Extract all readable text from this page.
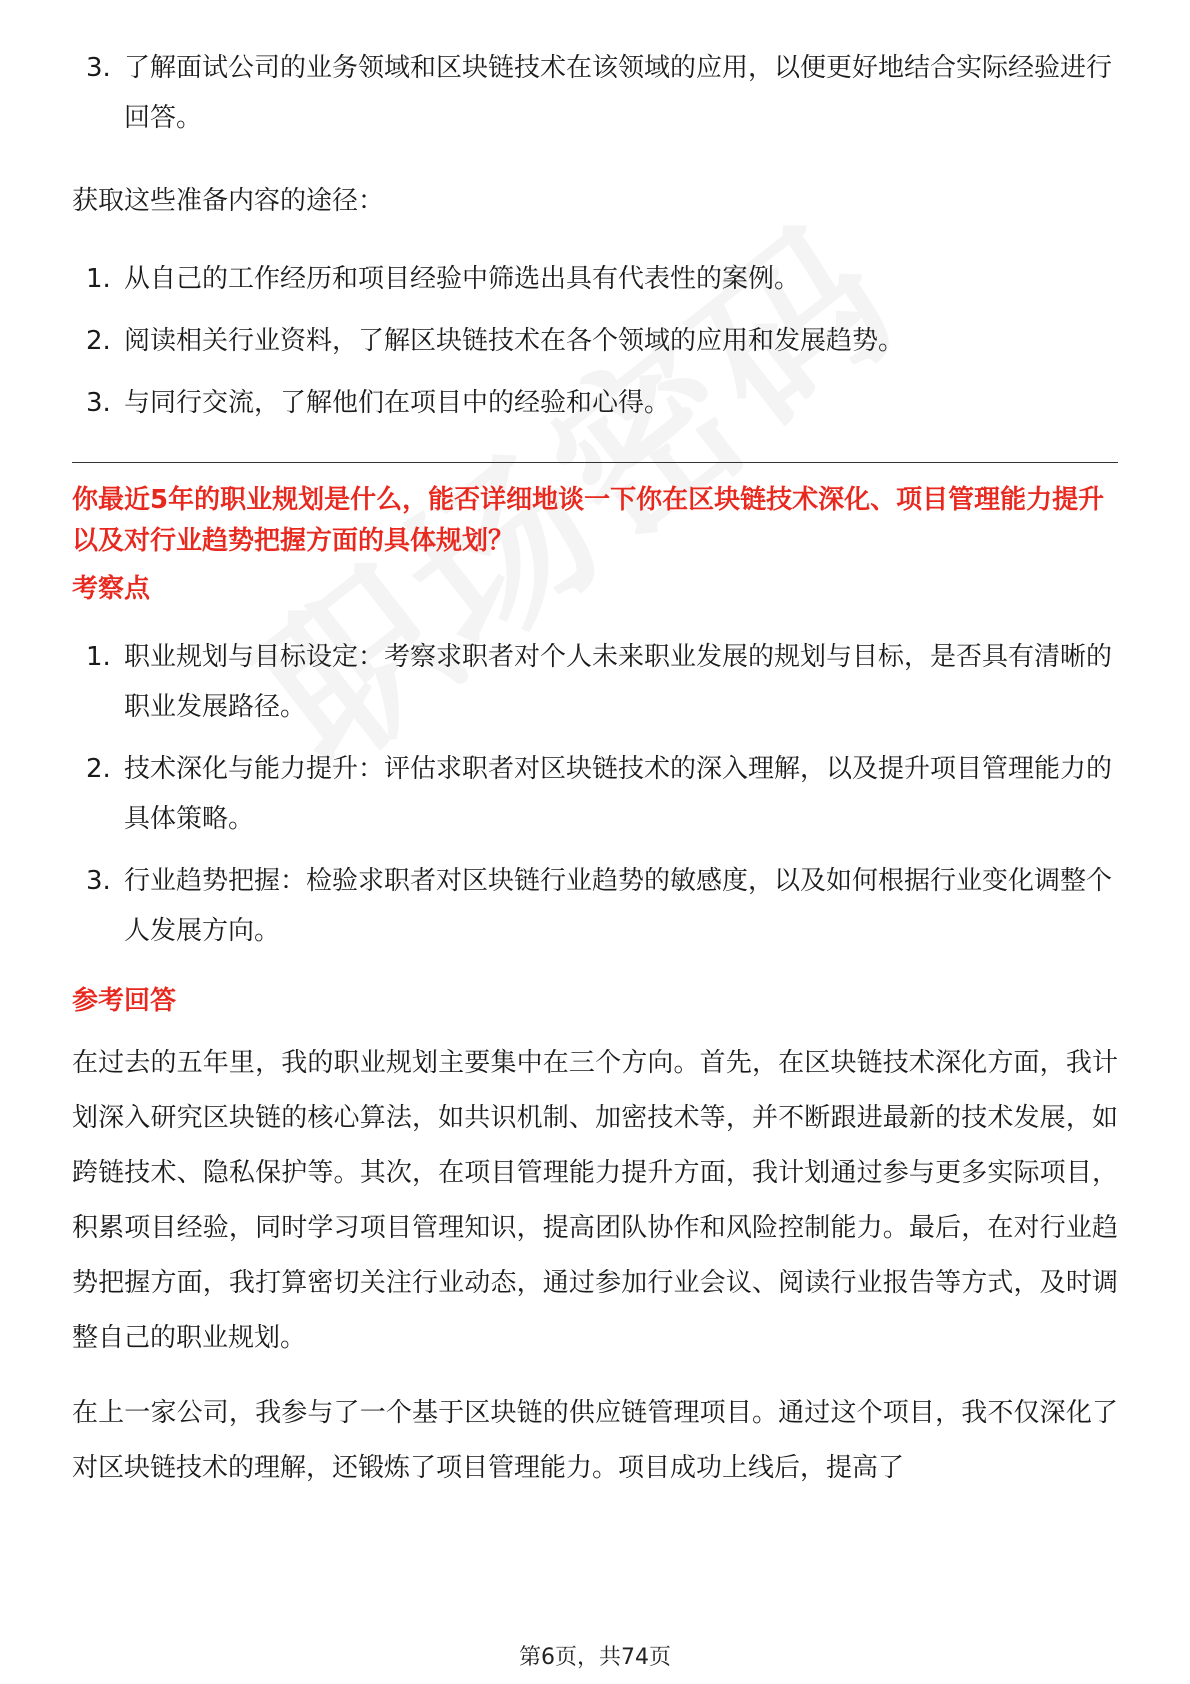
3. 了解面试公司的业务领域和区块链技术在该领域的应用，以便更好地结合实际经验进行回答。
获取这些准备内容的途径：
1. 从自己的工作经历和项目经验中筛选出具有代表性的案例。
2. 阅读相关行业资料，了解区块链技术在各个领域的应用和发展趋势。
3. 与同行交流，了解他们在项目中的经验和心得。
你最近5年的职业规划是什么，能否详细地谈一下你在区块链技术深化、项目管理能力提升以及对行业趋势把握方面的具体规划？
考察点
1. 职业规划与目标设定：考察求职者对个人未来职业发展的规划与目标，是否具有清晰的职业发展路径。
2. 技术深化与能力提升：评估求职者对区块链技术的深入理解，以及提升项目管理能力的具体策略。
3. 行业趋势把握：检验求职者对区块链行业趋势的敏感度，以及如何根据行业变化调整个人发展方向。
参考回答
在过去的五年里，我的职业规划主要集中在三个方向。首先，在区块链技术深化方面，我计划深入研究区块链的核心算法，如共识机制、加密技术等，并不断跟进最新的技术发展，如跨链技术、隐私保护等。其次，在项目管理能力提升方面，我计划通过参与更多实际项目，积累项目经验，同时学习项目管理知识，提高团队协作和风险控制能力。最后，在对行业趋势把握方面，我打算密切关注行业动态，通过参加行业会议、阅读行业报告等方式，及时调整自己的职业规划。
在上一家公司，我参与了一个基于区块链的供应链管理项目。通过这个项目，我不仅深化了对区块链技术的理解，还锻炼了项目管理能力。项目成功上线后，提高了
第6页，共74页
